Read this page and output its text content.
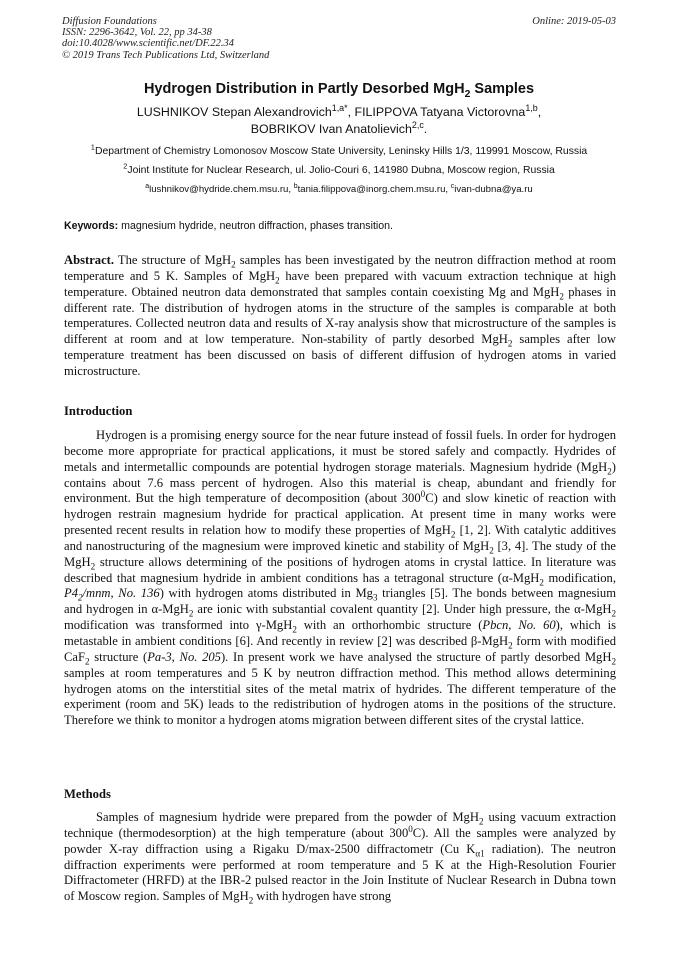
Diffusion Foundations
ISSN: 2296-3642, Vol. 22, pp 34-38
doi:10.4028/www.scientific.net/DF.22.34
© 2019 Trans Tech Publications Ltd, Switzerland
Online: 2019-05-03
Hydrogen Distribution in Partly Desorbed MgH$_2$ Samples
LUSHNIKOV Stepan Alexandrovich$^{1,a*}$, FILIPPOVA Tatyana Victorovna$^{1,b}$,
BOBRIKOV Ivan Anatolievich$^{2,c}$.
$^1$Department of Chemistry Lomonosov Moscow State University, Leninsky Hills 1/3, 119991 Moscow, Russia
$^2$Joint Institute for Nuclear Research, ul. Jolio-Couri 6, 141980 Dubna, Moscow region, Russia
$^a$lushnikov@hydride.chem.msu.ru, $^b$tania.filippova@inorg.chem.msu.ru, $^c$ivan-dubna@ya.ru
Keywords: magnesium hydride, neutron diffraction, phases transition.
Abstract. The structure of MgH$_2$ samples has been investigated by the neutron diffraction method at room temperature and 5 K. Samples of MgH$_2$ have been prepared with vacuum extraction technique at high temperature. Obtained neutron data demonstrated that samples contain coexisting Mg and MgH$_2$ phases in different rate. The distribution of hydrogen atoms in the structure of the samples is comparable at both temperatures. Collected neutron data and results of X-ray analysis show that microstructure of the samples is different at room and at low temperature. Non-stability of partly desorbed MgH$_2$ samples after low temperature treatment has been discussed on basis of different diffusion of hydrogen atoms in varied microstructure.
Introduction
Hydrogen is a promising energy source for the near future instead of fossil fuels. In order for hydrogen become more appropriate for practical applications, it must be stored safely and compactly. Hydrides of metals and intermetallic compounds are potential hydrogen storage materials. Magnesium hydride (MgH$_2$) contains about 7.6 mass percent of hydrogen. Also this material is cheap, abundant and friendly for environment. But the high temperature of decomposition (about $300^0C$) and slow kinetic of reaction with hydrogen restrain magnesium hydride for practical application. At present time in many works were presented recent results in relation how to modify these properties of MgH$_2$ [1, 2]. With catalytic additives and nanostructuring of the magnesium were improved kinetic and stability of MgH$_2$ [3, 4]. The study of the MgH$_2$ structure allows determining of the positions of hydrogen atoms in crystal lattice. In literature was described that magnesium hydride in ambient conditions has a tetragonal structure (α-MgH$_2$ modification, $P4_2$/mnm, No. 136) with hydrogen atoms distributed in $Mg_3$ triangles [5]. The bonds between magnesium and hydrogen in α-MgH$_2$ are ionic with substantial covalent quantity [2]. Under high pressure, the α-MgH$_2$ modification was transformed into γ-MgH$_2$ with an orthorhombic structure (Pbcn, No. 60), which is metastable in ambient conditions [6]. And recently in review [2] was described β-MgH$_2$ form with modified CaF$_2$ structure (Pa-3, No. 205). In present work we have analysed the structure of partly desorbed MgH$_2$ samples at room temperatures and 5 K by neutron diffraction method. This method allows determining hydrogen atoms on the interstitial sites of the metal matrix of hydrides. The different temperature of the experiment (room and 5K) leads to the redistribution of hydrogen atoms in the positions of the structure. Therefore we think to monitor a hydrogen atoms migration between different sites of the crystal lattice.
Methods
Samples of magnesium hydride were prepared from the powder of MgH$_2$ using vacuum extraction technique (thermodesorption) at the high temperature (about $300^0C$). All the samples were analyzed by powder X-ray diffraction using a Rigaku D/max-2500 diffractometr (Cu $K_{\alpha 1}$ radiation). The neutron diffraction experiments were performed at room temperature and 5 K at the High-Resolution Fourier Diffractometer (HRFD) at the IBR-2 pulsed reactor in the Join Institute of Nuclear Research in Dubna town of Moscow region. Samples of MgH$_2$ with hydrogen have strong
